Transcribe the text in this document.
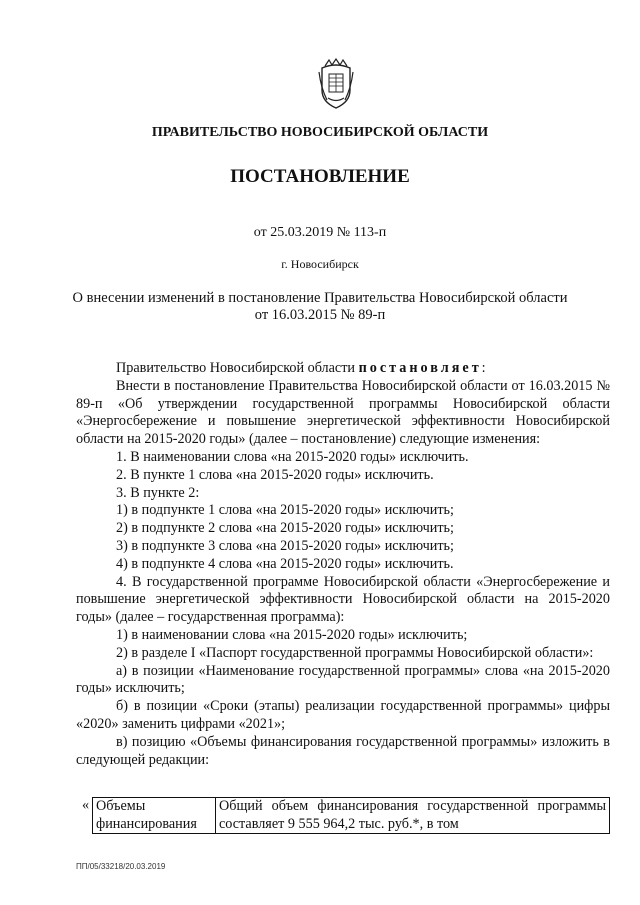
ПРАВИТЕЛЬСТВО НОВОСИБИРСКОЙ ОБЛАСТИ
ПОСТАНОВЛЕНИЕ
от 25.03.2019 № 113-п
г. Новосибирск
О внесении изменений в постановление Правительства Новосибирской области
от 16.03.2015 № 89-п

Правительство Новосибирской области постановляет:

Внести в постановление Правительства Новосибирской области от 16.03.2015 № 89-п «Об утверждении государственной программы Новосибирской области «Энергосбережение и повышение энергетической эффективности Новосибирской области на 2015-2020 годы» (далее – постановление) следующие изменения:

1. В наименовании слова «на 2015-2020 годы» исключить.

2. В пункте 1 слова «на 2015-2020 годы» исключить.

3. В пункте 2:

1) в подпункте 1 слова «на 2015-2020 годы» исключить;

2) в подпункте 2 слова «на 2015-2020 годы» исключить;

3) в подпункте 3 слова «на 2015-2020 годы» исключить;

4) в подпункте 4 слова «на 2015-2020 годы» исключить.

4. В государственной программе Новосибирской области «Энергосбережение и повышение энергетической эффективности Новосибирской области на 2015-2020 годы» (далее – государственная программа):

1) в наименовании слова «на 2015-2020 годы» исключить;

2) в разделе I «Паспорт государственной программы Новосибирской области»:

а) в позиции «Наименование государственной программы» слова «на 2015-2020 годы» исключить;

б) в позиции «Сроки (этапы) реализации государственной программы» цифры «2020» заменить цифрами «2021»;

в) позицию «Объемы финансирования государственной программы» изложить в следующей редакции:

« Объемы финансирования	Общий объем финансирования государственной программы составляет 9 555 964,2 тыс. руб.*, в том
ПП/05/33218/20.03.2019
